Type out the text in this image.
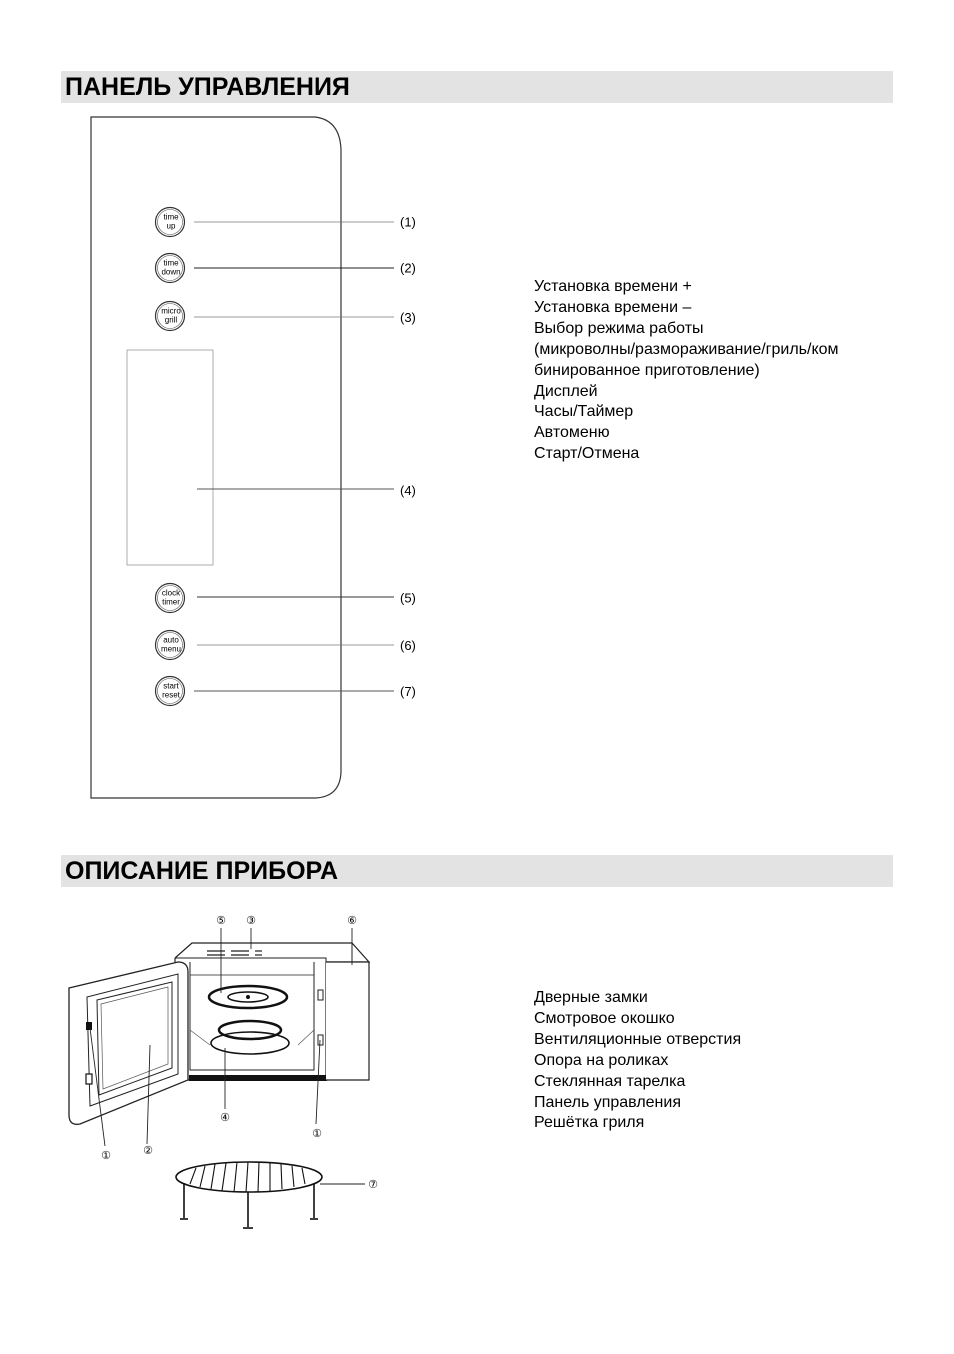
ПАНЕЛЬ УПРАВЛЕНИЯ
time
up	(1)
time
down	(2)
micro
grill	(3)
(4)
clock
timer	(5)
auto
menu	(6)
start
reset	(7)
Установка времени +
Установка времени –
Выбор режима работы
(микроволны/размораживание/гриль/ком
бинированное приготовление)
Дисплей
Часы/Таймер
Автоменю
Старт/Отмена
ОПИСАНИЕ ПРИБОРА
⑤ ③	⑥
④
①
①	②
⑦
Дверные замки
Смотровое окошко
Вентиляционные отверстия
Опора на роликах
Стеклянная тарелка
Панель управления
Решётка гриля
